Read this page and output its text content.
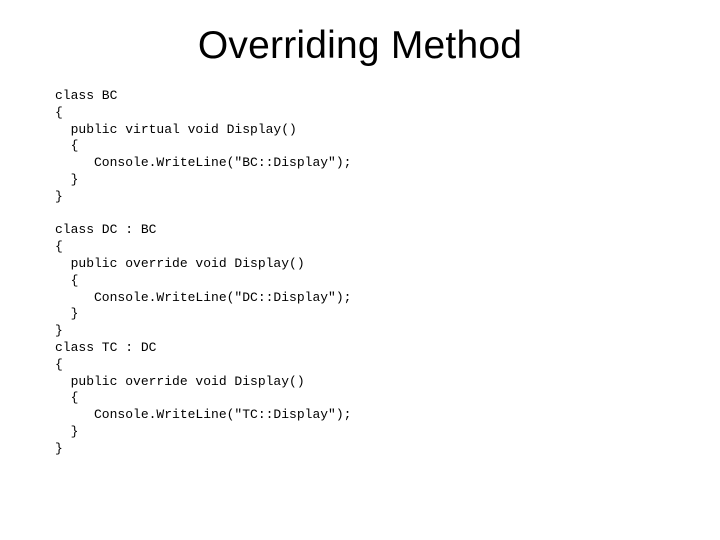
Overriding Method
class BC
{
public virtual void Display()
{
Console.WriteLine("BC::Display");
}
}
class DC : BC
{
public override void Display()
{
Console.WriteLine("DC::Display");
}
}
class TC : DC
{
public override void Display()
{
Console.WriteLine("TC::Display");
}
}
